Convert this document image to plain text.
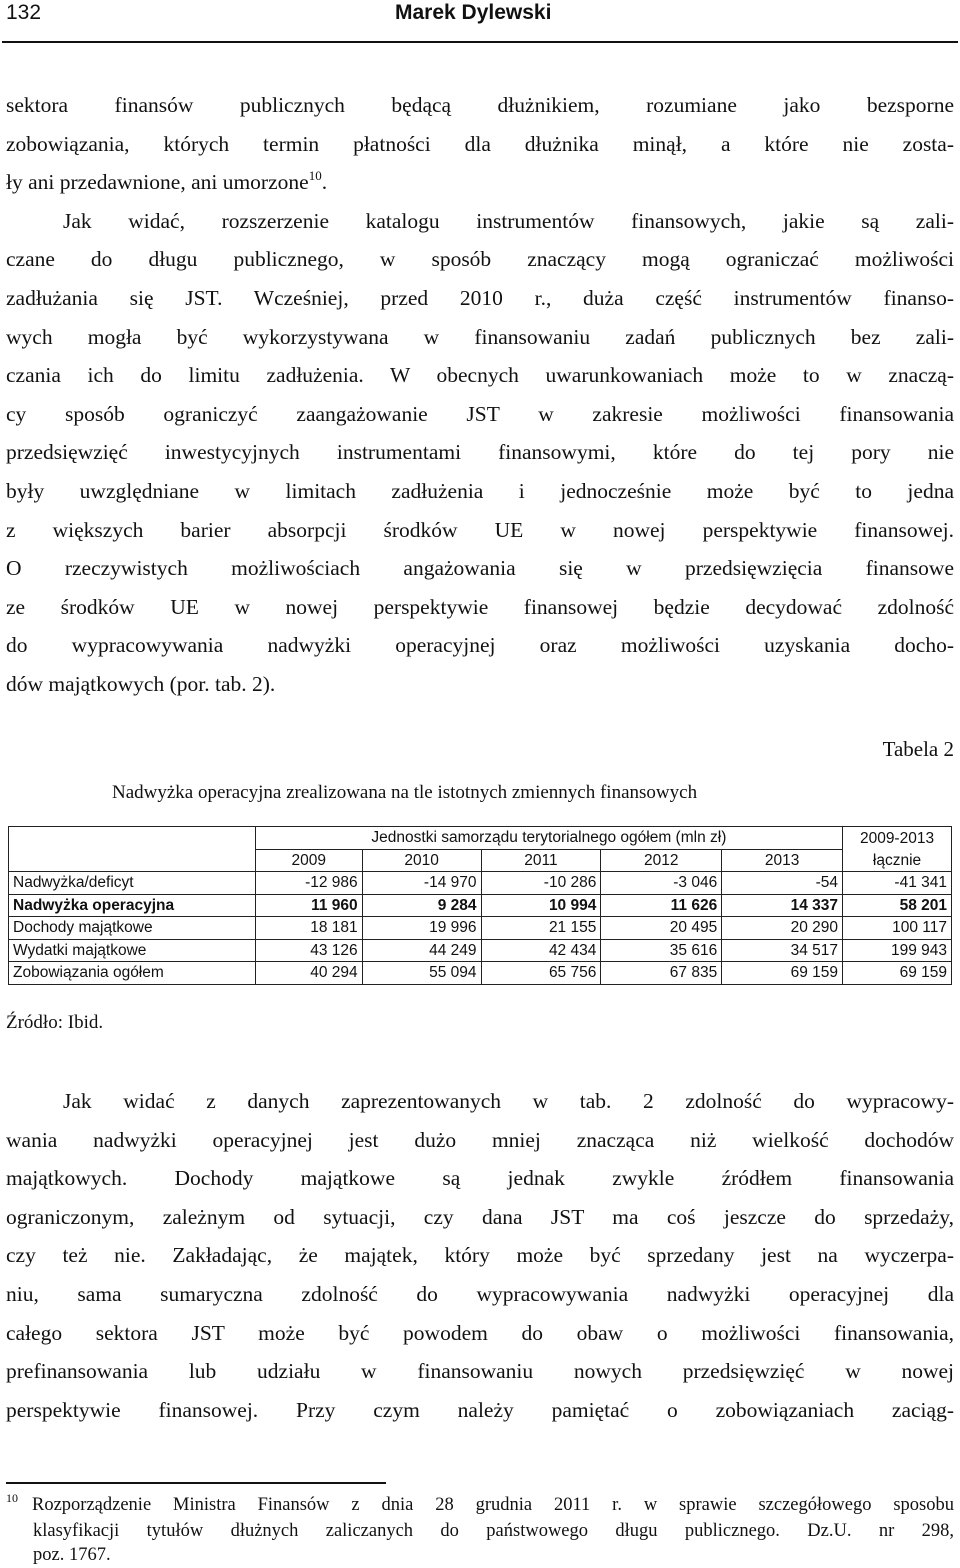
132	Marek Dylewski
sektora finansów publicznych będącą dłużnikiem, rozumiane jako bezsporne
zobowiązania, których termin płatności dla dłużnika minął, a które nie zosta-
ły ani przedawnione, ani umorzone$^{10}$.
Jak widać, rozszerzenie katalogu instrumentów finansowych, jakie są zali-
czane do długu publicznego, w sposób znaczący mogą ograniczać możliwości
zadłużania się JST. Wcześniej, przed 2010 r., duża część instrumentów finanso-
wych mogła być wykorzystywana w finansowaniu zadań publicznych bez zali-
czania ich do limitu zadłużenia. W obecnych uwarunkowaniach może to w znaczą-
cy sposób ograniczyć zaangażowanie JST w zakresie możliwości finansowania
przedsięwzięć inwestycyjnych instrumentami finansowymi, które do tej pory nie
były uwzględniane w limitach zadłużenia i jednocześnie może być to jedna
z większych barier absorpcji środków UE w nowej perspektywie finansowej.
O rzeczywistych możliwościach angażowania się w przedsięwzięcia finansowe
ze środków UE w nowej perspektywie finansowej będzie decydować zdolność
do wypracowywania nadwyżki operacyjnej oraz możliwości uzyskania docho-
dów majątkowych (por. tab. 2).
Tabela 2
Nadwyżka operacyjna zrealizowana na tle istotnych zmiennych finansowych
	Jednostki samorządu terytorialnego ogółem (mln zł)					2009-2013
	2009	2010	2011	2012	2013	łącznie
Nadwyżka/deficyt	-12 986	-14 970	-10 286	-3 046	-54	-41 341
Nadwyżka operacyjna	11 960	9 284	10 994	11 626	14 337	58 201
Dochody majątkowe	18 181	19 996	21 155	20 495	20 290	100 117
Wydatki majątkowe	43 126	44 249	42 434	35 616	34 517	199 943
Zobowiązania ogółem	40 294	55 094	65 756	67 835	69 159	69 159
Źródło: Ibid.
Jak widać z danych zaprezentowanych w tab. 2 zdolność do wypracowy-
wania nadwyżki operacyjnej jest dużo mniej znacząca niż wielkość dochodów
majątkowych. Dochody majątkowe są jednak zwykle źródłem finansowania
ograniczonym, zależnym od sytuacji, czy dana JST ma coś jeszcze do sprzedaży,
czy też nie. Zakładając, że majątek, który może być sprzedany jest na wyczerpa-
niu, sama sumaryczna zdolność do wypracowywania nadwyżki operacyjnej dla
całego sektora JST może być powodem do obaw o możliwości finansowania,
prefinansowania lub udziału w finansowaniu nowych przedsięwzięć w nowej
perspektywie finansowej. Przy czym należy pamiętać o zobowiązaniach zaciąg-
10 Rozporządzenie Ministra Finansów z dnia 28 grudnia 2011 r. w sprawie szczegółowego sposobu
klasyfikacji tytułów dłużnych zaliczanych do państwowego długu publicznego. Dz.U. nr 298,
poz. 1767.
